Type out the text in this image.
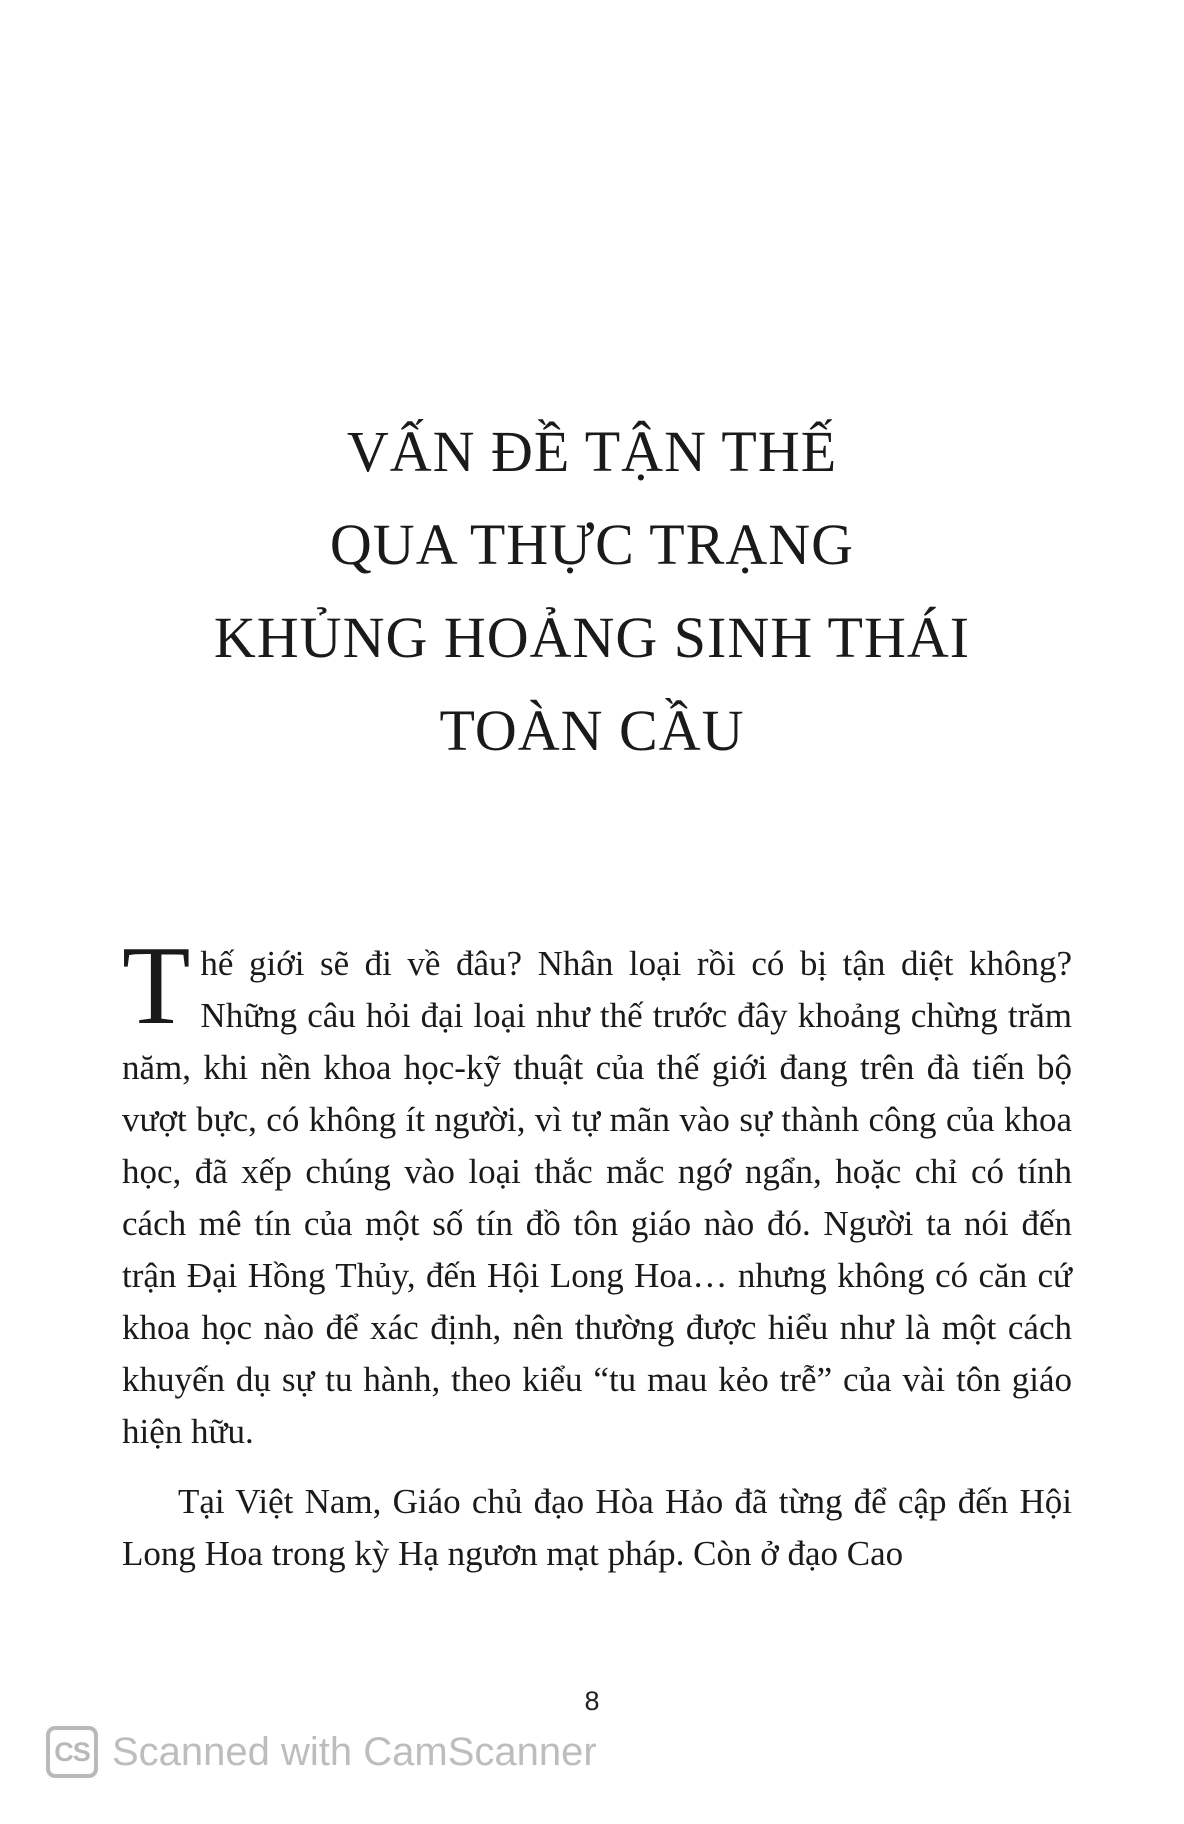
VẤN ĐỀ TẬN THẾ
QUA THỰC TRẠNG
KHỦNG HOẢNG SINH THÁI
TOÀN CẦU

Thế giới sẽ đi về đâu? Nhân loại rồi có bị tận diệt không? Những câu hỏi đại loại như thế trước đây khoảng chừng trăm năm, khi nền khoa học-kỹ thuật của thế giới đang trên đà tiến bộ vượt bực, có không ít người, vì tự mãn vào sự thành công của khoa học, đã xếp chúng vào loại thắc mắc ngớ ngẩn, hoặc chỉ có tính cách mê tín của một số tín đồ tôn giáo nào đó. Người ta nói đến trận Đại Hồng Thủy, đến Hội Long Hoa… nhưng không có căn cứ khoa học nào để xác định, nên thường được hiểu như là một cách khuyến dụ sự tu hành, theo kiểu “tu mau kẻo trễ” của vài tôn giáo hiện hữu.

Tại Việt Nam, Giáo chủ đạo Hòa Hảo đã từng để cập đến Hội Long Hoa trong kỳ Hạ ngươn mạt pháp. Còn ở đạo Cao

8
CS Scanned with CamScanner
